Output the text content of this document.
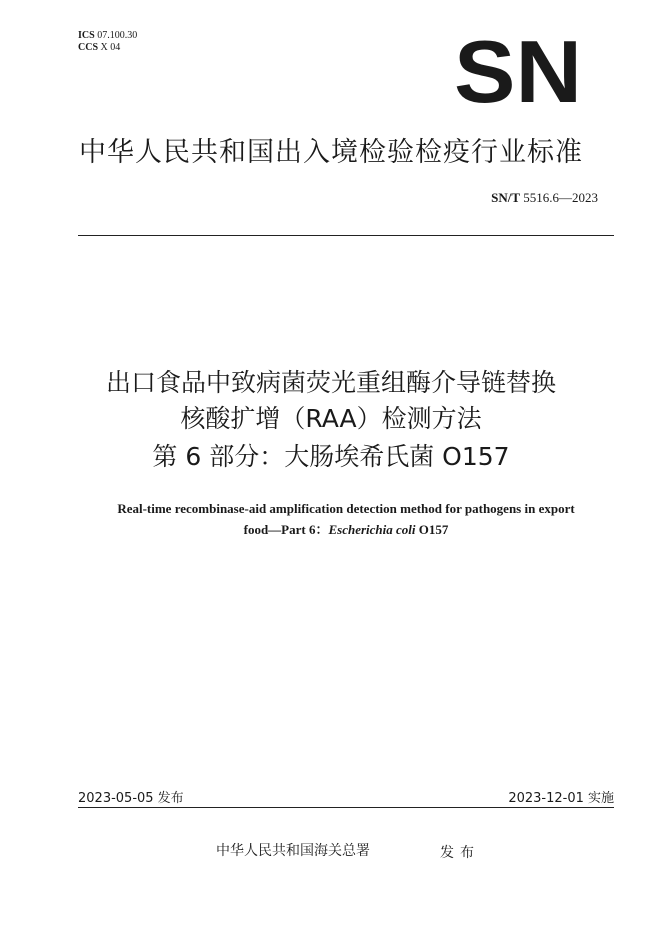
ICS 07.100.30
CCS X 04	SN
中华人民共和国出入境检验检疫行业标准
SN/T 5516.6—2023
出口食品中致病菌荧光重组酶介导链替换
核酸扩增（RAA）检测方法
第 6 部分：大肠埃希氏菌 O157
Real-time recombinase-aid amplification detection method for pathogens in export
food—Part 6：Escherichia coli O157
2023-05-05 发布	2023-12-01 实施
中华人民共和国海关总署	发布
